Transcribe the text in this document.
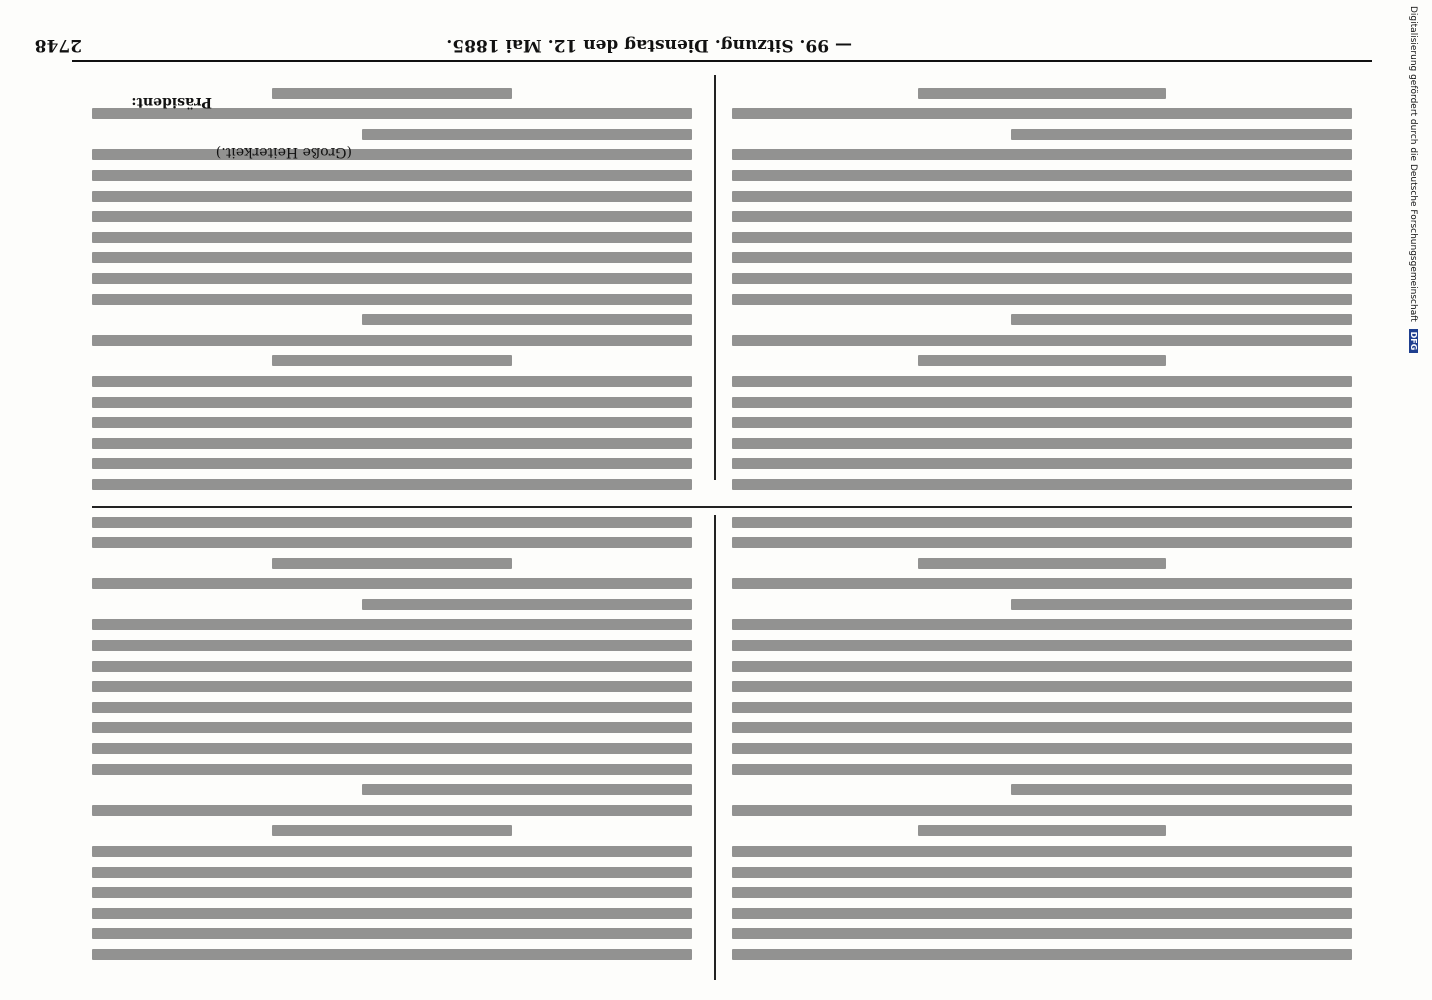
2748	— 99. Sitzung. Dienstag den 12. Mai 1885.
Präsident:
(Große Heiterkeit.)	Digitalisierung gefördert durch die Deutsche Forschungsgemeinschaft DFG
